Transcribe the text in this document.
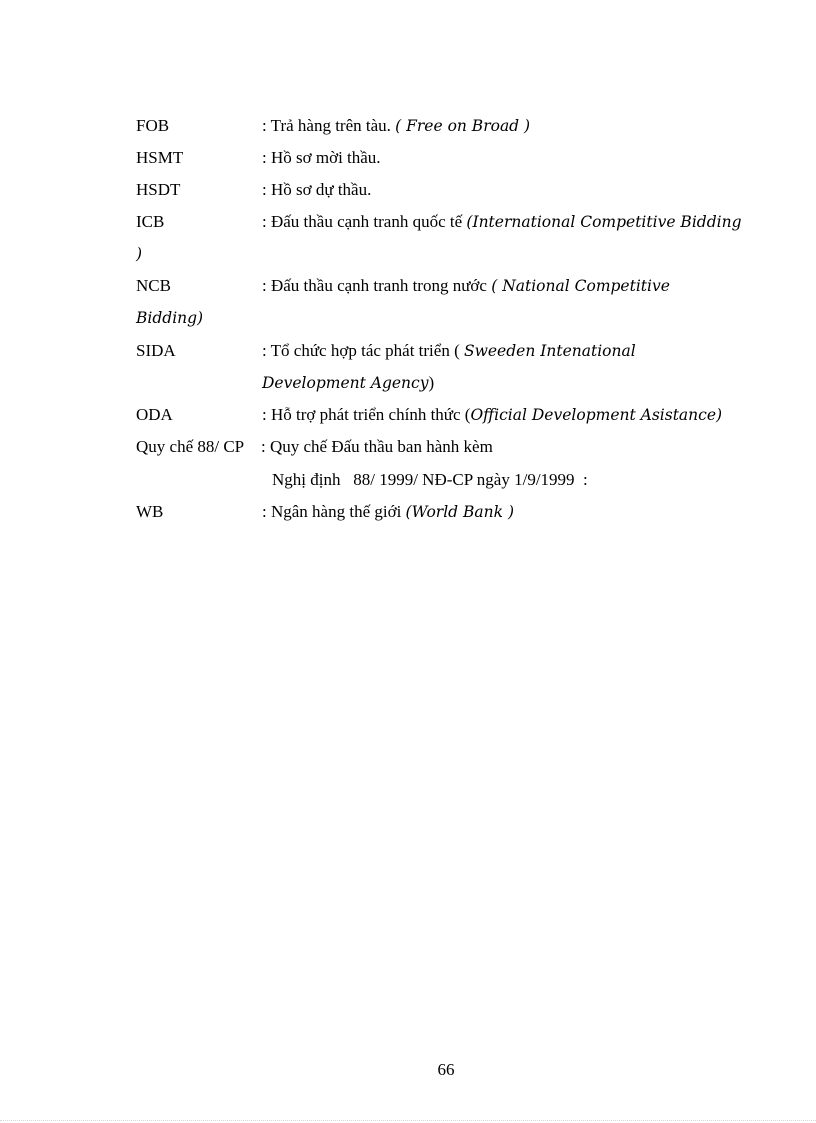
FOB	: Trả hàng trên tàu. ( Free on Broad )
HSMT	: Hồ sơ mời thầu.
HSDT	: Hồ sơ dự thầu.
ICB	: Đấu thầu cạnh tranh quốc tế (International Competitive Bidding
)
NCB	: Đấu thầu cạnh tranh trong nước ( National Competitive
Bidding)
SIDA	: Tổ chức hợp tác phát triển ( Sweeden Intenational
Development Agency)
ODA	: Hỗ trợ phát triển chính thức (Official Development Asistance)
Quy chế 88/ CP : Quy chế Đấu thầu ban hành kèm
Nghị định   88/ 1999/ NĐ-CP ngày 1/9/1999  :
WB	: Ngân hàng thế giới (World Bank )
66
